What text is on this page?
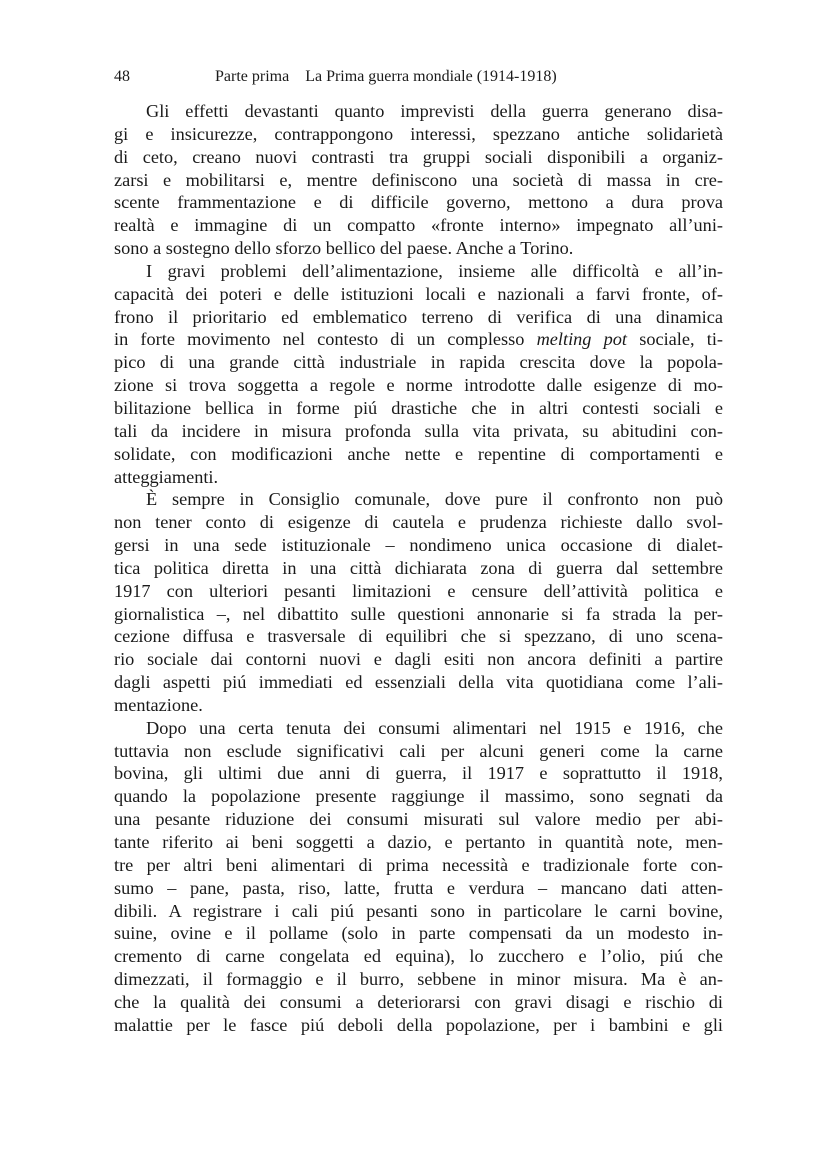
48	Parte prima    La Prima guerra mondiale (1914-1918)
Gli effetti devastanti quanto imprevisti della guerra generano disa-
gi e insicurezze, contrappongono interessi, spezzano antiche solidarietà
di ceto, creano nuovi contrasti tra gruppi sociali disponibili a organiz-
zarsi e mobilitarsi e, mentre definiscono una società di massa in cre-
scente frammentazione e di difficile governo, mettono a dura prova
realtà e immagine di un compatto «fronte interno» impegnato all’uni-
sono a sostegno dello sforzo bellico del paese. Anche a Torino.
I gravi problemi dell’alimentazione, insieme alle difficoltà e all’in-
capacità dei poteri e delle istituzioni locali e nazionali a farvi fronte, of-
frono il prioritario ed emblematico terreno di verifica di una dinamica
in forte movimento nel contesto di un complesso melting pot sociale, ti-
pico di una grande città industriale in rapida crescita dove la popola-
zione si trova soggetta a regole e norme introdotte dalle esigenze di mo-
bilitazione bellica in forme piú drastiche che in altri contesti sociali e
tali da incidere in misura profonda sulla vita privata, su abitudini con-
solidate, con modificazioni anche nette e repentine di comportamenti e
atteggiamenti.
È sempre in Consiglio comunale, dove pure il confronto non può
non tener conto di esigenze di cautela e prudenza richieste dallo svol-
gersi in una sede istituzionale – nondimeno unica occasione di dialet-
tica politica diretta in una città dichiarata zona di guerra dal settembre
1917 con ulteriori pesanti limitazioni e censure dell’attività politica e
giornalistica –, nel dibattito sulle questioni annonarie si fa strada la per-
cezione diffusa e trasversale di equilibri che si spezzano, di uno scena-
rio sociale dai contorni nuovi e dagli esiti non ancora definiti a partire
dagli aspetti piú immediati ed essenziali della vita quotidiana come l’ali-
mentazione.
Dopo una certa tenuta dei consumi alimentari nel 1915 e 1916, che
tuttavia non esclude significativi cali per alcuni generi come la carne
bovina, gli ultimi due anni di guerra, il 1917 e soprattutto il 1918,
quando la popolazione presente raggiunge il massimo, sono segnati da
una pesante riduzione dei consumi misurati sul valore medio per abi-
tante riferito ai beni soggetti a dazio, e pertanto in quantità note, men-
tre per altri beni alimentari di prima necessità e tradizionale forte con-
sumo – pane, pasta, riso, latte, frutta e verdura – mancano dati atten-
dibili. A registrare i cali piú pesanti sono in particolare le carni bovine,
suine, ovine e il pollame (solo in parte compensati da un modesto in-
cremento di carne congelata ed equina), lo zucchero e l’olio, piú che
dimezzati, il formaggio e il burro, sebbene in minor misura. Ma è an-
che la qualità dei consumi a deteriorarsi con gravi disagi e rischio di
malattie per le fasce piú deboli della popolazione, per i bambini e gli
